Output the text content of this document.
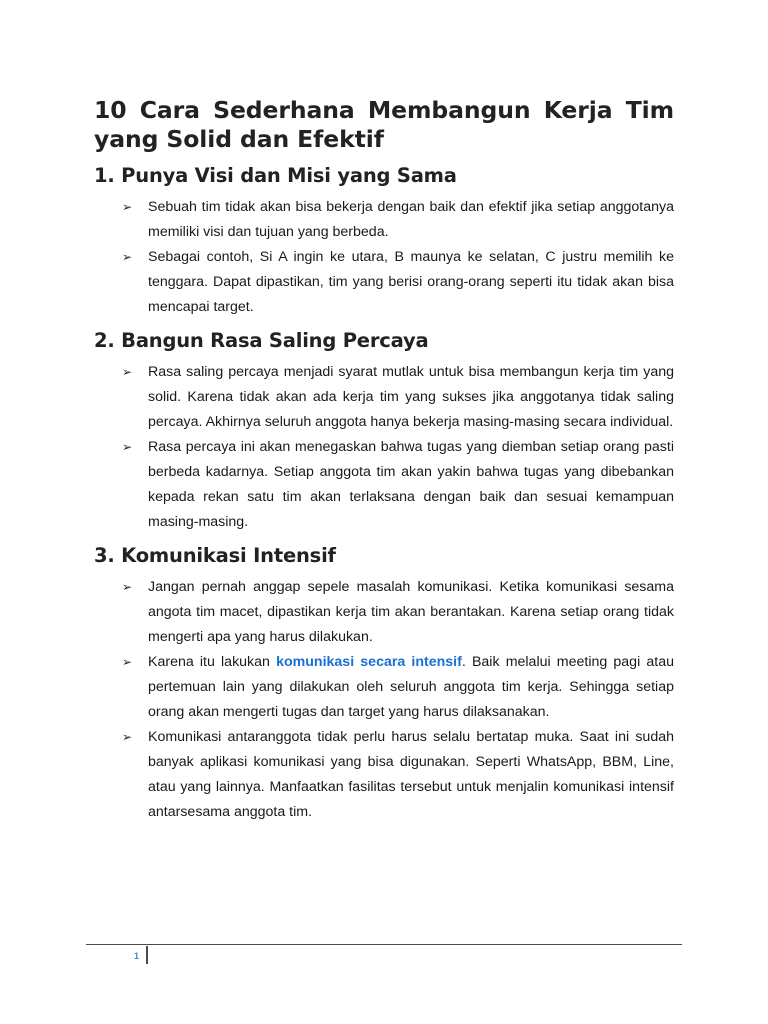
10 Cara Sederhana Membangun Kerja Tim yang Solid dan Efektif
1. Punya Visi dan Misi yang Sama
➢ Sebuah tim tidak akan bisa bekerja dengan baik dan efektif jika setiap anggotanya memiliki visi dan tujuan yang berbeda.
➢ Sebagai contoh, Si A ingin ke utara, B maunya ke selatan, C justru memilih ke tenggara. Dapat dipastikan, tim yang berisi orang-orang seperti itu tidak akan bisa mencapai target.
2. Bangun Rasa Saling Percaya
➢ Rasa saling percaya menjadi syarat mutlak untuk bisa membangun kerja tim yang solid. Karena tidak akan ada kerja tim yang sukses jika anggotanya tidak saling percaya. Akhirnya seluruh anggota hanya bekerja masing-masing secara individual.
➢ Rasa percaya ini akan menegaskan bahwa tugas yang diemban setiap orang pasti berbeda kadarnya. Setiap anggota tim akan yakin bahwa tugas yang dibebankan kepada rekan satu tim akan terlaksana dengan baik dan sesuai kemampuan masing-masing.
3. Komunikasi Intensif
➢ Jangan pernah anggap sepele masalah komunikasi. Ketika komunikasi sesama angota tim macet, dipastikan kerja tim akan berantakan. Karena setiap orang tidak mengerti apa yang harus dilakukan.
➢ Karena itu lakukan komunikasi secara intensif. Baik melalui meeting pagi atau pertemuan lain yang dilakukan oleh seluruh anggota tim kerja. Sehingga setiap orang akan mengerti tugas dan target yang harus dilaksanakan.
➢ Komunikasi antaranggota tidak perlu harus selalu bertatap muka. Saat ini sudah banyak aplikasi komunikasi yang bisa digunakan. Seperti WhatsApp, BBM, Line, atau yang lainnya. Manfaatkan fasilitas tersebut untuk menjalin komunikasi intensif antarsesama anggota tim.
1
